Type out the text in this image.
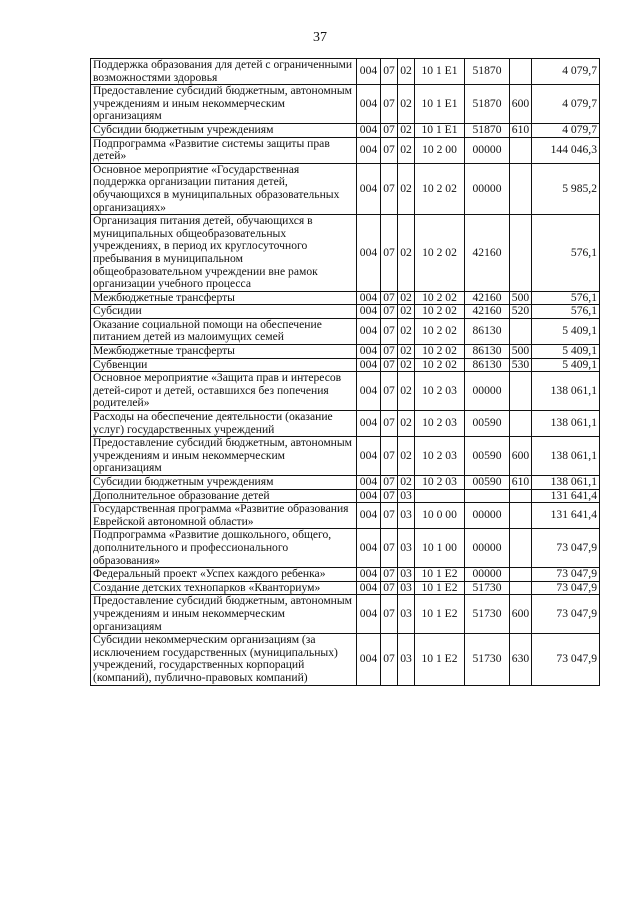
37
Поддержка образования для детей с ограниченными возможностями здоровья	004	07	02	10 1 E1	51870		4 079,7
Предоставление субсидий бюджетным, автономным учреждениям и иным некоммерческим организациям	004	07	02	10 1 E1	51870	600	4 079,7
Субсидии бюджетным учреждениям	004	07	02	10 1 E1	51870	610	4 079,7
Подпрограмма «Развитие системы защиты прав детей»	004	07	02	10 2 00	00000		144 046,3
Основное мероприятие «Государственная поддержка организации питания детей, обучающихся в муниципальных образовательных организациях»	004	07	02	10 2 02	00000		5 985,2
Организация питания детей, обучающихся в муниципальных общеобразовательных учреждениях, в период их круглосуточного пребывания в муниципальном общеобразовательном учреждении вне рамок организации учебного процесса	004	07	02	10 2 02	42160		576,1
Межбюджетные трансферты	004	07	02	10 2 02	42160	500	576,1
Субсидии	004	07	02	10 2 02	42160	520	576,1
Оказание социальной помощи на обеспечение питанием детей из малоимущих семей	004	07	02	10 2 02	86130		5 409,1
Межбюджетные трансферты	004	07	02	10 2 02	86130	500	5 409,1
Субвенции	004	07	02	10 2 02	86130	530	5 409,1
Основное мероприятие «Защита прав и интересов детей-сирот и детей, оставшихся без попечения родителей»	004	07	02	10 2 03	00000		138 061,1
Расходы на обеспечение деятельности (оказание услуг) государственных учреждений	004	07	02	10 2 03	00590		138 061,1
Предоставление субсидий бюджетным, автономным учреждениям и иным некоммерческим организациям	004	07	02	10 2 03	00590	600	138 061,1
Субсидии бюджетным учреждениям	004	07	02	10 2 03	00590	610	138 061,1
Дополнительное образование детей	004	07	03				131 641,4
Государственная программа «Развитие образования Еврейской автономной области»	004	07	03	10 0 00	00000		131 641,4
Подпрограмма «Развитие дошкольного, общего, дополнительного и профессионального образования»	004	07	03	10 1 00	00000		73 047,9
Федеральный проект «Успех каждого ребенка»	004	07	03	10 1 E2	00000		73 047,9
Создание детских технопарков «Кванториум»	004	07	03	10 1 E2	51730		73 047,9
Предоставление субсидий бюджетным, автономным учреждениям и иным некоммерческим организациям	004	07	03	10 1 E2	51730	600	73 047,9
Субсидии некоммерческим организациям (за исключением государственных (муниципальных) учреждений, государственных корпораций (компаний), публично-правовых компаний)	004	07	03	10 1 E2	51730	630	73 047,9
